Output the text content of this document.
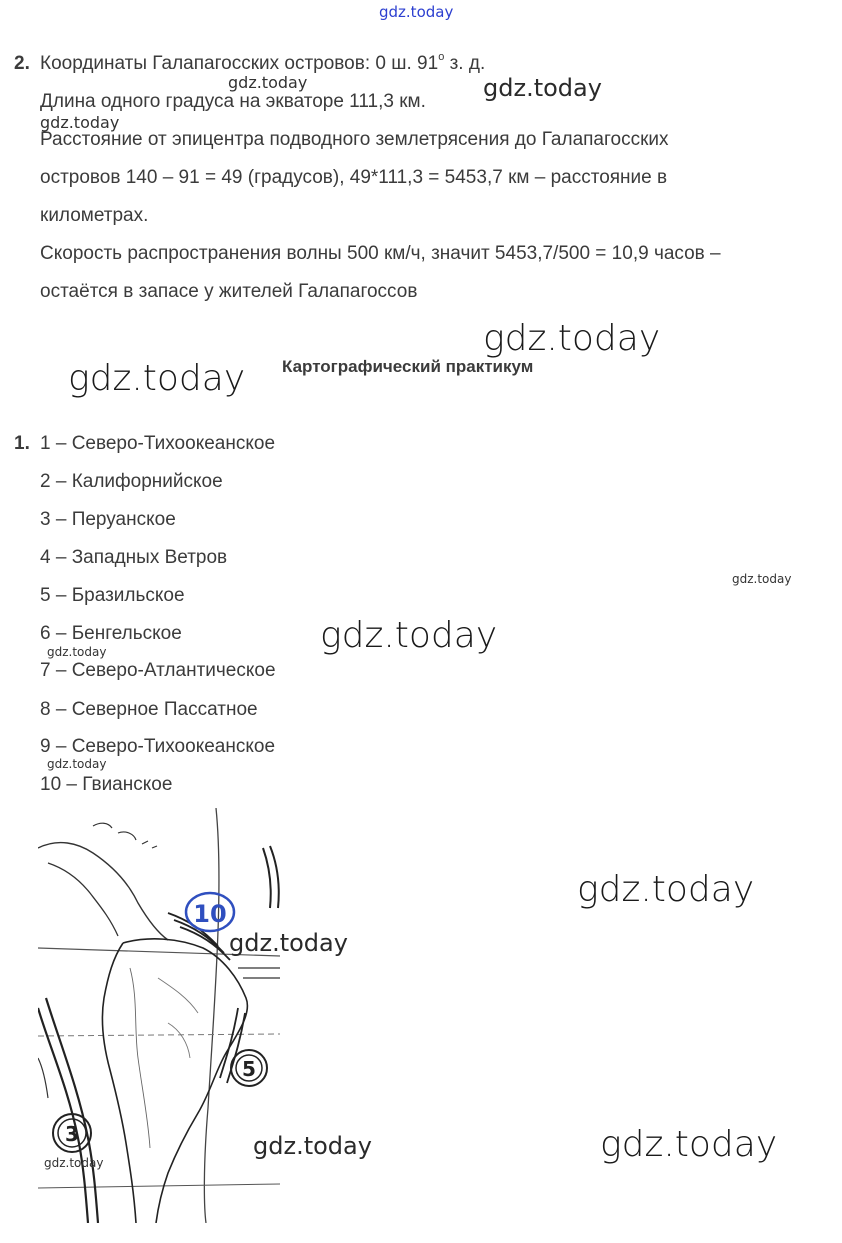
gdz.today
gdz.today	gdz.today
gdz.today
gdz.today
gdz.today
gdz.today
gdz.today
gdz.today
gdz.today
2. Координаты Галапагосских островов: 0 ш. 91$^o$ з. д.
Длина одного градуса на экваторе 111,3 км.
Расстояние от эпицентра подводного землетрясения до Галапагосских
островов 140 – 91 = 49 (градусов), 49*111,3 = 5453,7 км – расстояние в
километрах.
Скорость распространения волны 500 км/ч, значит 5453,7/500 = 10,9 часов –
остаётся в запасе у жителей Галапагоссов
Картографический практикум
1. 1 – Северо-Тихоокеанское
2 – Калифорнийское
3 – Перуанское
4 – Западных Ветров
5 – Бразильское
6 – Бенгельское
7 – Северо-Атлантическое
8 – Северное Пассатное
9 – Северо-Тихоокеанское
10 – Гвианское
10
5
3
gdz.today
gdz.today
gdz.today	gdz.today
gdz.today
